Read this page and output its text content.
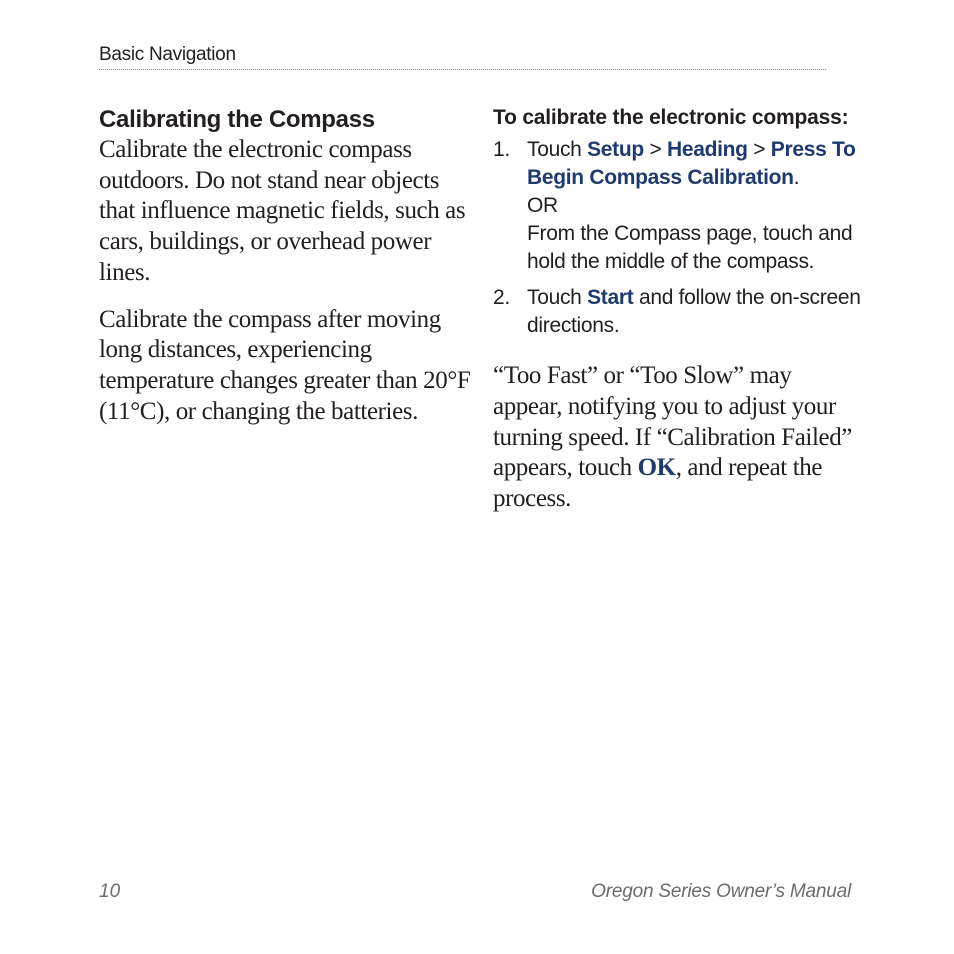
Basic Navigation
Calibrating the Compass

Calibrate the electronic compass outdoors. Do not stand near objects that influence magnetic fields, such as cars, buildings, or overhead power lines.

Calibrate the compass after moving long distances, experiencing temperature changes greater than 20°F (11°C), or changing the batteries.

To calibrate the electronic compass:
1. Touch Setup > Heading > Press To Begin Compass Calibration.
OR
From the Compass page, touch and hold the middle of the compass.
2. Touch Start and follow the on-screen directions.

“Too Fast” or “Too Slow” may appear, notifying you to adjust your turning speed. If “Calibration Failed” appears, touch OK, and repeat the process.

10	Oregon Series Owner’s Manual
